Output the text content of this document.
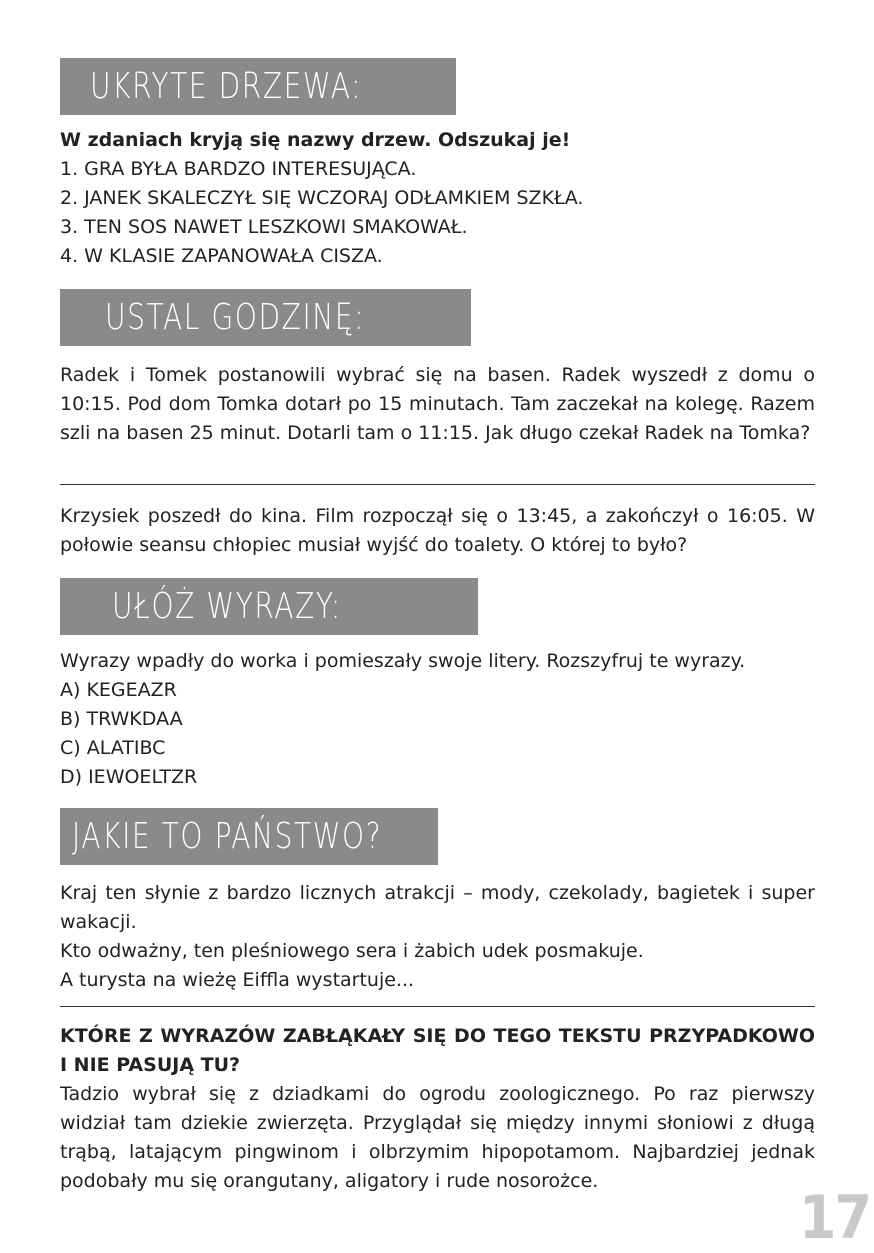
UKRYTE DRZEWA:
W zdaniach kryją się nazwy drzew. Odszukaj je!
1. GRA BYŁA BARDZO INTERESUJĄCA.
2. JANEK SKALECZYŁ SIĘ WCZORAJ ODŁAMKIEM SZKŁA.
3. TEN SOS NAWET LESZKOWI SMAKOWAŁ.
4. W KLASIE ZAPANOWAŁA CISZA.
USTAL GODZINĘ:
Radek i Tomek postanowili wybrać się na basen. Radek wyszedł z domu o 10:15. Pod dom Tomka dotarł po 15 minutach. Tam zaczekał na kolegę. Razem szli na basen 25 minut. Dotarli tam o 11:15. Jak długo czekał Radek na Tomka?
Krzysiek poszedł do kina. Film rozpoczął się o 13:45, a zakończył o 16:05. W połowie seansu chłopiec musiał wyjść do toalety. O której to było?
UŁÓŻ WYRAZY:
Wyrazy wpadły do worka i pomieszały swoje litery. Rozszyfruj te wyrazy.
A) KEGEAZR
B) TRWKDAA
C) ALATIBC
D) IEWOELTZR
JAKIE TO PAŃSTWO?
Kraj ten słynie z bardzo licznych atrakcji – mody, czekolady, bagietek i super wakacji.
Kto odważny, ten pleśniowego sera i żabich udek posmakuje.
A turysta na wieżę Eiffla wystartuje...
KTÓRE Z WYRAZÓW ZABŁĄKAŁY SIĘ DO TEGO TEKSTU PRZYPADKOWO I NIE PASUJĄ TU?
Tadzio wybrał się z dziadkami do ogrodu zoologicznego. Po raz pierwszy widział tam dziekie zwierzęta. Przyglądał się między innymi słoniowi z długą trąbą, latającym pingwinom i olbrzymim hipopotamom. Najbardziej jednak podobały mu się orangutany, aligatory i rude nosorożce.
17
